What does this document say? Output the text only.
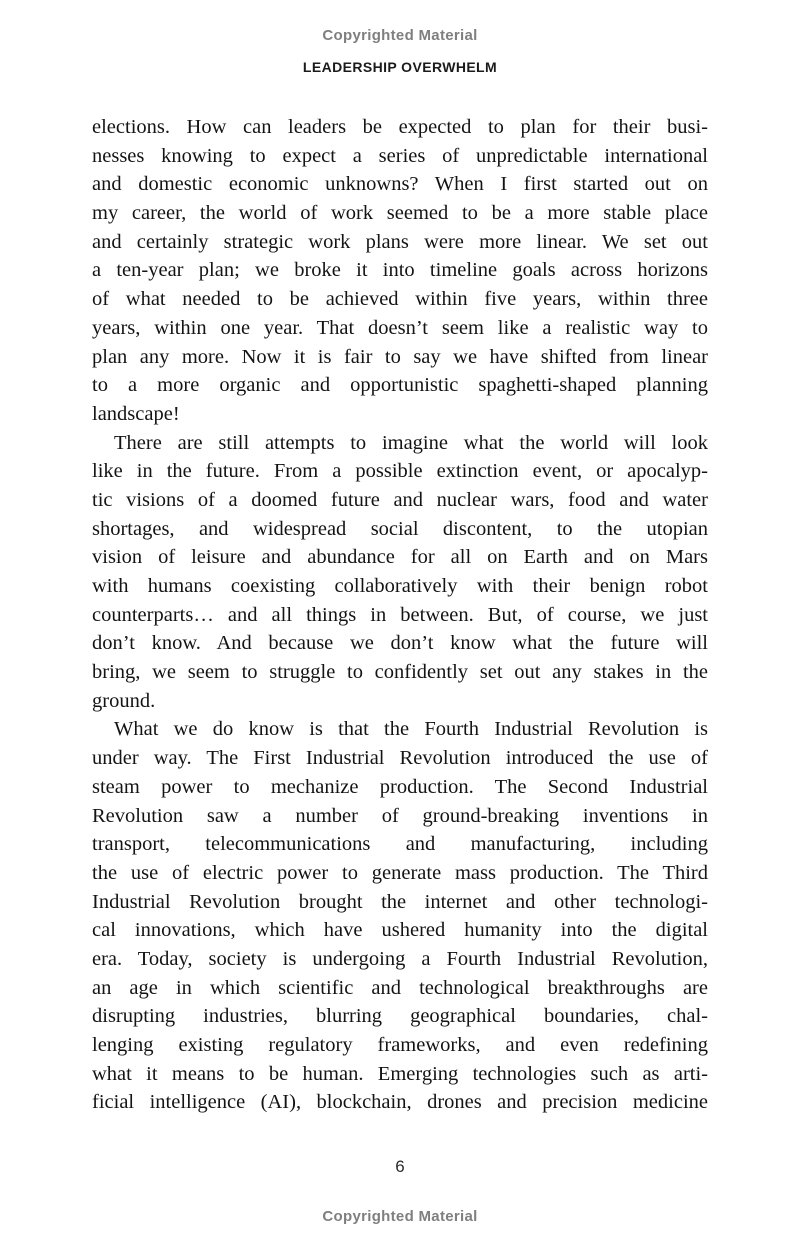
Copyrighted Material
LEADERSHIP OVERWHELM
elections. How can leaders be expected to plan for their busi-
nesses knowing to expect a series of unpredictable international
and domestic economic unknowns? When I first started out on
my career, the world of work seemed to be a more stable place
and certainly strategic work plans were more linear. We set out
a ten-year plan; we broke it into timeline goals across horizons
of what needed to be achieved within five years, within three
years, within one year. That doesn’t seem like a realistic way to
plan any more. Now it is fair to say we have shifted from linear
to a more organic and opportunistic spaghetti-shaped planning
landscape!
There are still attempts to imagine what the world will look
like in the future. From a possible extinction event, or apocalyp-
tic visions of a doomed future and nuclear wars, food and water
shortages, and widespread social discontent, to the utopian
vision of leisure and abundance for all on Earth and on Mars
with humans coexisting collaboratively with their benign robot
counterparts… and all things in between. But, of course, we just
don’t know. And because we don’t know what the future will
bring, we seem to struggle to confidently set out any stakes in the
ground.
What we do know is that the Fourth Industrial Revolution is
under way. The First Industrial Revolution introduced the use of
steam power to mechanize production. The Second Industrial
Revolution saw a number of ground-breaking inventions in
transport, telecommunications and manufacturing, including
the use of electric power to generate mass production. The Third
Industrial Revolution brought the internet and other technologi-
cal innovations, which have ushered humanity into the digital
era. Today, society is undergoing a Fourth Industrial Revolution,
an age in which scientific and technological breakthroughs are
disrupting industries, blurring geographical boundaries, chal-
lenging existing regulatory frameworks, and even redefining
what it means to be human. Emerging technologies such as arti-
ficial intelligence (AI), blockchain, drones and precision medicine
6
Copyrighted Material
